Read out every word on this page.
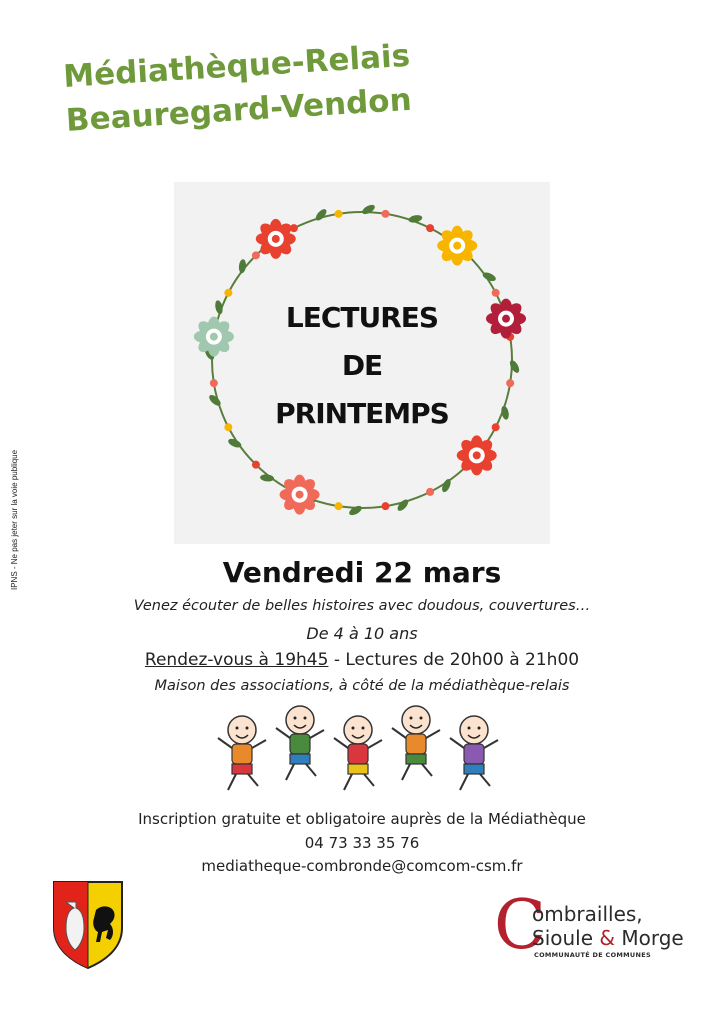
Médiathèque-Relais
Beauregard-Vendon
IPNS - Ne pas jeter sur la voie publique
LECTURES
DE
PRINTEMPS
Vendredi 22 mars
Venez écouter de belles histoires avec doudous, couvertures…
De 4 à 10 ans
Rendez-vous à 19h45 - Lectures de 20h00 à 21h00
Maison des associations, à côté de la médiathèque-relais
Inscription gratuite et obligatoire auprès de la Médiathèque
04 73 33 35 76
mediatheque-combronde@comcom-csm.fr
C
ombrailles,
Sioule & Morge
COMMUNAUTÉ DE COMMUNES
